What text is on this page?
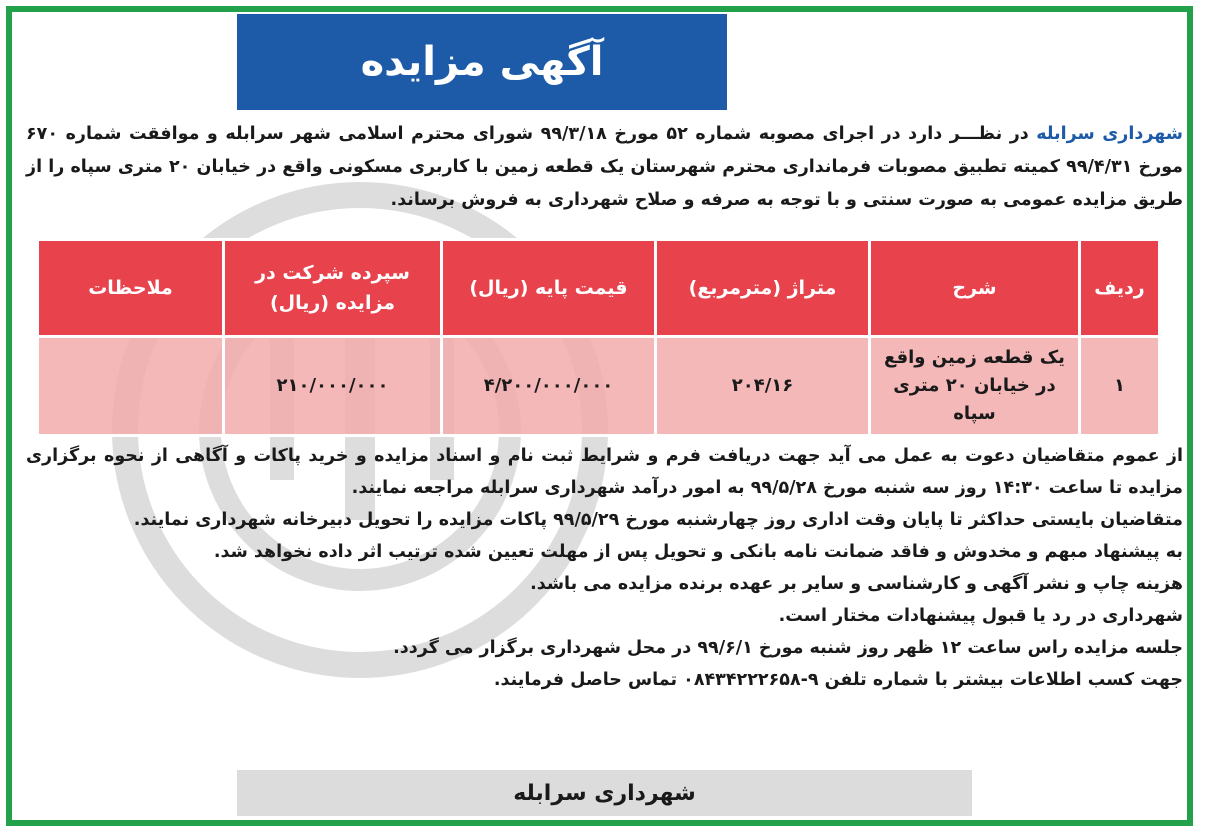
آگهی مزایده
شهرداری سرابله در نظـــر دارد در اجرای مصوبه شماره ۵۲ مورخ ۹۹/۳/۱۸ شورای محترم اسلامی شهر سرابله و موافقت شماره ۶۷۰ مورخ ۹۹/۴/۳۱ کمیته تطبیق مصوبات فرمانداری محترم شهرستان یک قطعه زمین با کاربری مسکونی واقع در خیابان ۲۰ متری سپاه را از طریق مزایده عمومی به صورت سنتی و با توجه به صرفه و صلاح شهرداری به فروش برساند.
ردیف	شرح	متراژ (مترمربع)	قیمت پایه (ریال)	سپرده شرکت در مزایده (ریال)	ملاحظات
۱	یک قطعه زمین واقع در خیابان ۲۰ متری سپاه	۲۰۴/۱۶	۴/۲۰۰/۰۰۰/۰۰۰	۲۱۰/۰۰۰/۰۰۰	

از عموم متقاضیان دعوت به عمل می آید جهت دریافت فرم و شرایط ثبت نام و اسناد مزایده و خرید پاکات و آگاهی از نحوه برگزاری مزایده تا ساعت ۱۴:۳۰ روز سه شنبه مورخ ۹۹/۵/۲۸ به امور درآمد شهرداری سرابله مراجعه نمایند.

متقاضیان بایستی حداکثر تا پایان وقت اداری روز چهارشنبه مورخ ۹۹/۵/۲۹ پاکات مزایده را تحویل دبیرخانه شهرداری نمایند.

به پیشنهاد مبهم و مخدوش و فاقد ضمانت نامه بانکی و تحویل پس از مهلت تعیین شده ترتیب اثر داده نخواهد شد.

هزینه چاپ و نشر آگهی و کارشناسی و سایر بر عهده برنده مزایده می باشد.

شهرداری در رد یا قبول پیشنهادات مختار است.

جلسه مزایده راس ساعت ۱۲ ظهر روز شنبه مورخ ۹۹/۶/۱ در محل شهرداری برگزار می گردد.

جهت کسب اطلاعات بیشتر با شماره تلفن ۹-۰۸۴۳۴۲۲۲۶۵۸ تماس حاصل فرمایند.

شهرداری سرابله
